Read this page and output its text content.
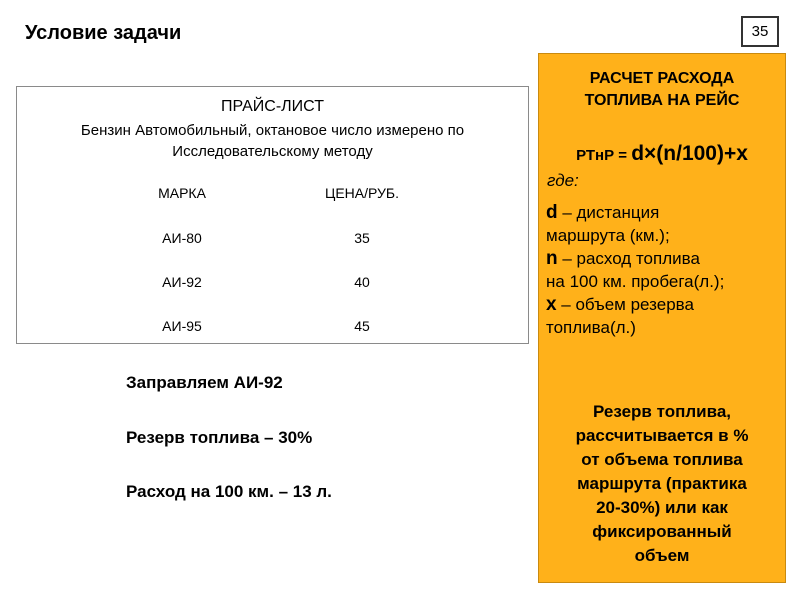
Условие задачи	35
ПРАЙС-ЛИСТ
Бензин Автомобильный, октановое число измерено по
Исследовательскому методу
МАРКА	ЦЕНА/РУБ.
АИ-80	35
АИ-92	40
АИ-95	45
Заправляем АИ-92
Резерв топлива – 30%
Расход на 100 км. – 13 л.
РАСЧЕТ РАСХОДА
ТОПЛИВА НА РЕЙС
РТнР = d×(n/100)+x
где:
d – дистанция
маршрута (км.);
n – расход топлива
на 100 км. пробега(л.);
x – объем резерва
топлива(л.)
Резерв топлива,
рассчитывается в %
от объема топлива
маршрута (практика
20-30%) или как
фиксированный
объем
